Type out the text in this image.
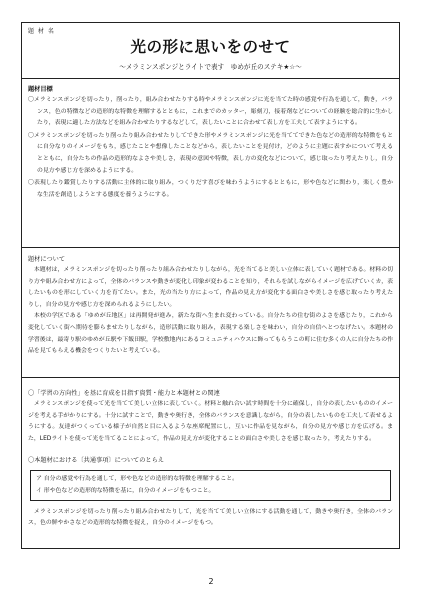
題 材 名
光の形に思いをのせて
～メラミンスポンジとライトで表す　ゆめが丘のステキ★☆～
題材目標

〇メラミンスポンジを切ったり，削ったり，組み合わせたりする時やメラミンスポンジに光を当てた時の感覚や行為を通して，動き，バランス，色の特徴などの造形的な特徴を理解するとともに，これまでのカッター，彫刻刀，接着剤などについての経験を総合的に生かしたり，表現に適した方法などを組み合わせたりするなどして，表したいことに合わせて表し方を工夫して表すようにする。

〇メラミンスポンジを切ったり削ったり組み合わせたりしてできた形やメラミンスポンジに光を当ててできた色などの造形的な特徴をもとに自分なりのイメージをもち，感じたことや想像したことなどから，表したいことを見付け，どのように主題に表すかについて考えるとともに，自分たちの作品の造形的なよさや美しさ，表現の意図や特徴，表し方の変化などについて，感じ取ったり考えたりし，自分の見方や感じ方を深めるようにする。

〇表現したり鑑賞したりする活動に主体的に取り組み，つくりだす喜びを味わうようにするとともに，形や色などに関わり，楽しく豊かな生活を創造しようとする態度を養うようにする。

題材について

本題材は，メラミンスポンジを切ったり削ったり組み合わせたりしながら，光を当てると美しい立体に表していく題材である。材料の切り方や組み合わせ方によって，全体のバランスや動きが変化し印象が変わることを知り，それらを試しながらイメージを広げていくカ，表したいものを形にしていく力を育てたい。また，光の当たり方によって，作品の見え方が変化する面白さや美しさを感じ取ったり考えたりし，自分の見方や感じ方を深められるようにしたい。

本校の学区である「ゆめが丘地区」は再開発が進み，新たな街へ生まれ変わっている。自分たちの住む街のよさを感じたり，これから変化していく街へ期待を膨らませたりしながら，造形活動に取り組み，表現する楽しさを味わい，自分の自信へとつなげたい。本題材の学習後は，最寄り駅のゆめが丘駅や下飯田駅，学校敷地内にあるコミュニティハウスに飾ってもらうこの町に住む多くの人に自分たちの作品を見てもらえる機会をつくりたいと考えている。

〇「学習の方向性」を基に育成を目指す資質・能力と本題材との関連

メラミンスポンジを使って光を当てて美しい立体に表していく。材料と触れ合い試す時間を十分に確保し，自分の表したいもののイメージを考える手がかりにする。十分に試すことで，動きや奥行き，全体のバランスを意識しながら，自分の表したいものを工夫して表せるようにする。友達がつくっている様子が自然と目に入るような座席配置にし，互いに作品を見ながら，自分の見方や感じ方を広げる。また，LEDライトを使って光を当てることによって，作品の見え方が変化することの面白さや美しさを感じ取ったり，考えたりする。

〇本題材における〔共通事項〕についてのとらえ

ア 自分の感覚や行為を通して，形や色などの造形的な特徴を理解すること。

イ 形や色などの造形的な特徴を基に，自分のイメージをもつこと。

メラミンスポンジを切ったり削ったり組み合わせたりして，光を当てて美しい立体にする活動を通して，動きや奥行き，全体のバランス，色の鮮やかさなどの造形的な特徴を捉え，自分のイメージをもつ。

2
